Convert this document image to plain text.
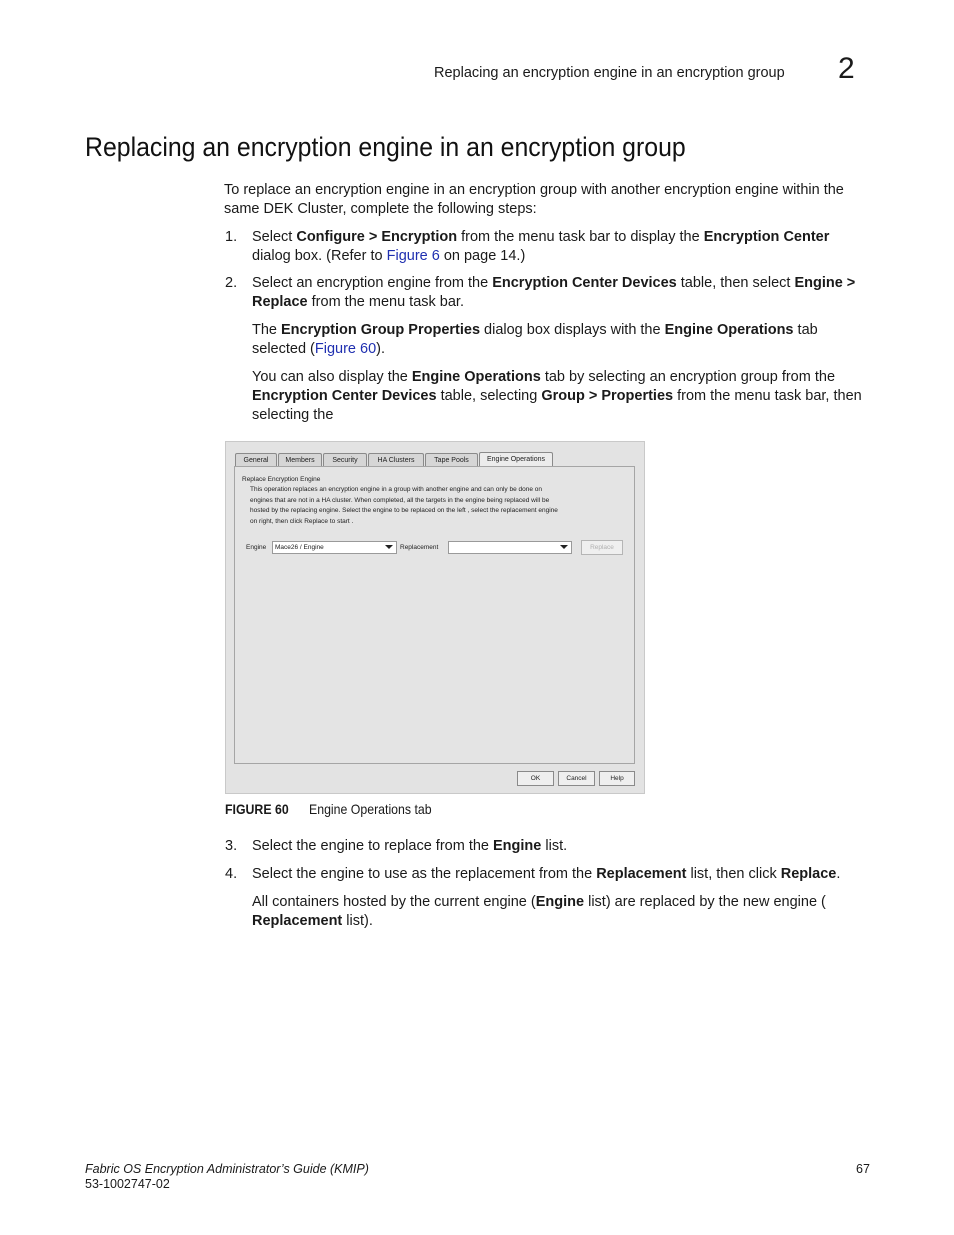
Replacing an encryption engine in an encryption group 2
Replacing an encryption engine in an encryption group
To replace an encryption engine in an encryption group with another encryption engine within the same DEK Cluster, complete the following steps:
1. Select Configure > Encryption from the menu task bar to display the Encryption Center dialog box. (Refer to Figure 6 on page 14.)
2. Select an encryption engine from the Encryption Center Devices table, then select Engine >
Replace from the menu task bar.
The Encryption Group Properties dialog box displays with the Engine Operations tab selected (Figure 60).
You can also display the Engine Operations tab by selecting an encryption group from the
Encryption Center Devices table, selecting Group > Properties from the menu task bar, then selecting the

General	Members	Security	HA Clusters	Tape Pools	Engine Operations
Replace Encryption Engine
This operation replaces an encryption engine in a group with another engine and can only be done on
engines that are not in a HA cluster. When completed, all the targets in the engine being replaced will be
hosted by the replacing engine. Select the engine to be replaced on the left , select the replacement engine
on right, then click Replace to start .
Engine	Mace26 / Engine	Replacement	Replace
OK	Cancel	Help
FIGURE 60 Engine Operations tab
3. Select the engine to replace from the Engine list.
4. Select the engine to use as the replacement from the Replacement list, then click Replace.
All containers hosted by the current engine (Engine list) are replaced by the new engine (
Replacement list).
Fabric OS Encryption Administrator’s Guide (KMIP)
53-1002747-02
67
